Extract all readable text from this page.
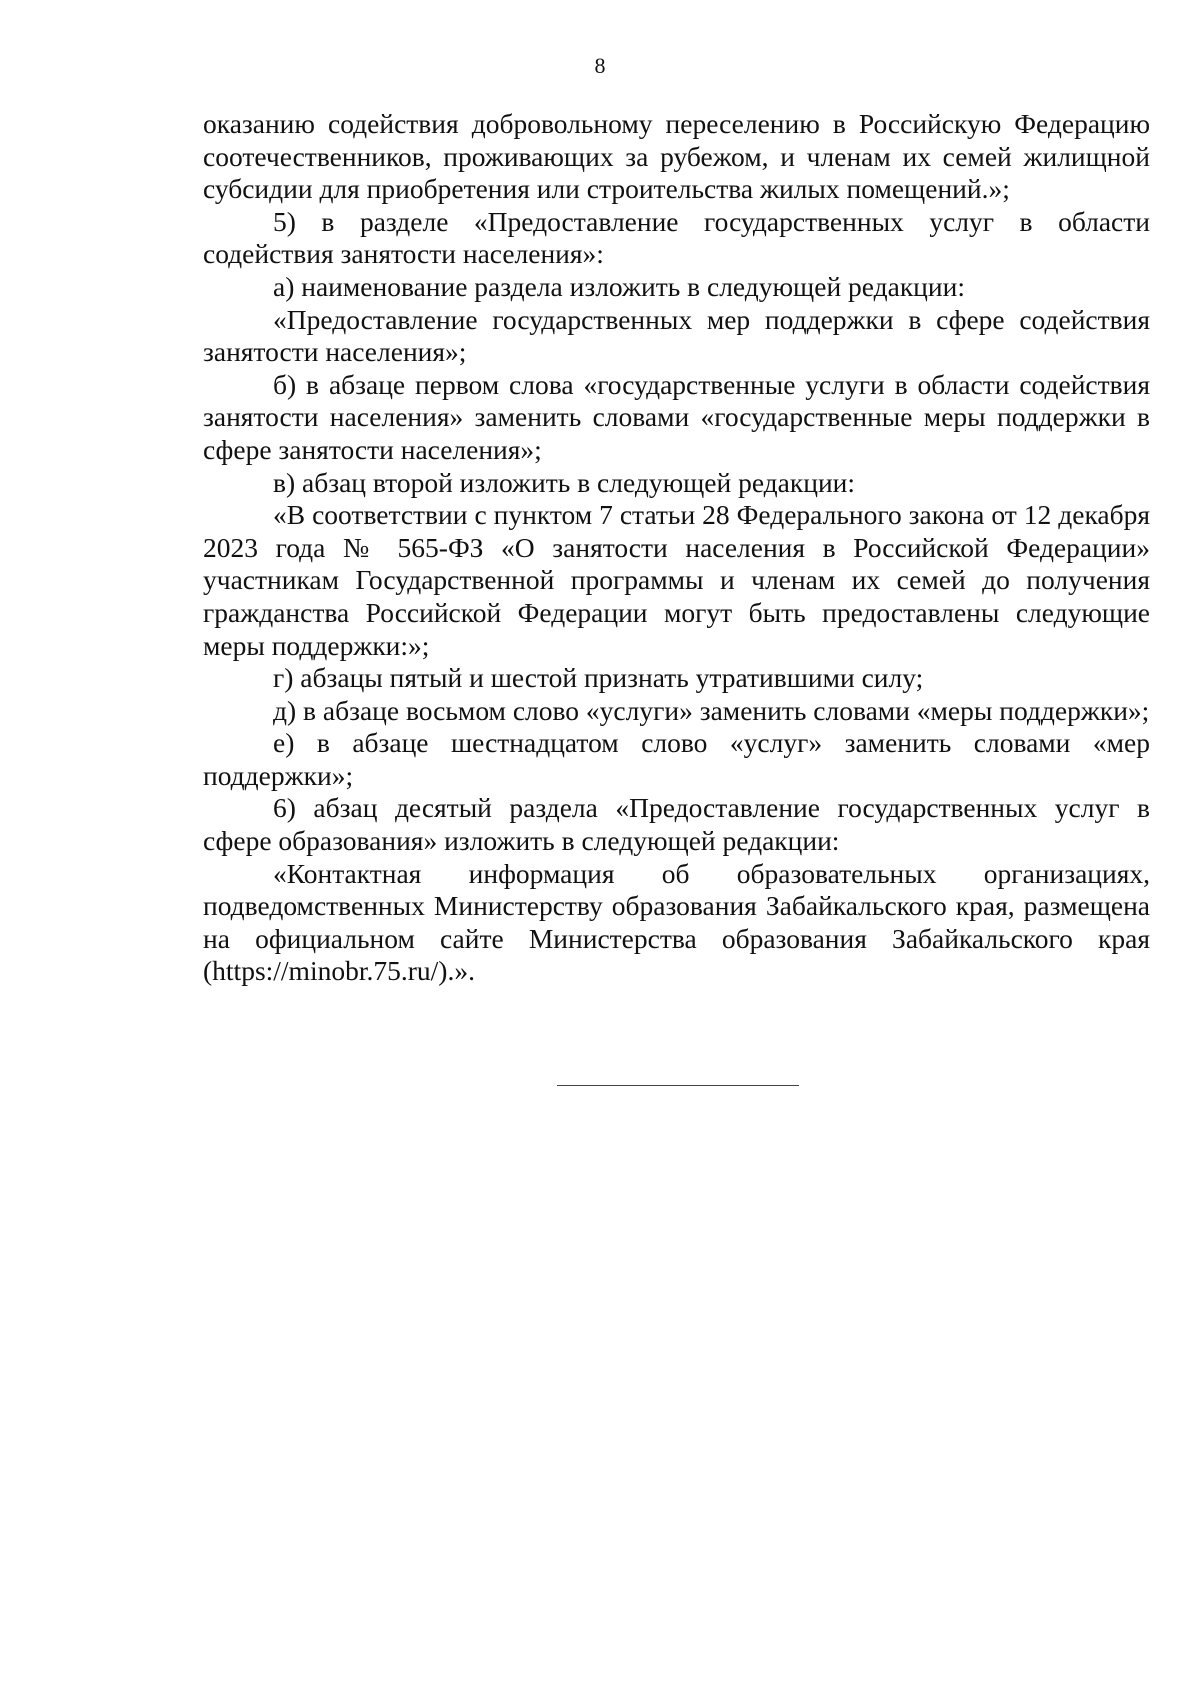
8

оказанию содействия добровольному переселению в Российскую Федерацию соотечественников, проживающих за рубежом, и членам их семей жилищной субсидии для приобретения или строительства жилых помещений.»;

5) в разделе «Предоставление государственных услуг в области содействия занятости населения»:

а) наименование раздела изложить в следующей редакции:

«Предоставление государственных мер поддержки в сфере содействия занятости населения»;

б) в абзаце первом слова «государственные услуги в области содействия занятости населения» заменить словами «государственные меры поддержки в сфере занятости населения»;

в) абзац второй изложить в следующей редакции:

«В соответствии с пунктом 7 статьи 28 Федерального закона от 12 декабря 2023 года № 565-ФЗ «О занятости населения в Российской Федерации» участникам Государственной программы и членам их семей до получения гражданства Российской Федерации могут быть предоставлены следующие меры поддержки:»;

г) абзацы пятый и шестой признать утратившими силу;

д) в абзаце восьмом слово «услуги» заменить словами «меры поддержки»;

е) в абзаце шестнадцатом слово «услуг» заменить словами «мер поддержки»;

6) абзац десятый раздела «Предоставление государственных услуг в сфере образования» изложить в следующей редакции:

«Контактная информация об образовательных организациях, подведомственных Министерству образования Забайкальского края, размещена на официальном сайте Министерства образования Забайкальского края (https://minobr.75.ru/).».
